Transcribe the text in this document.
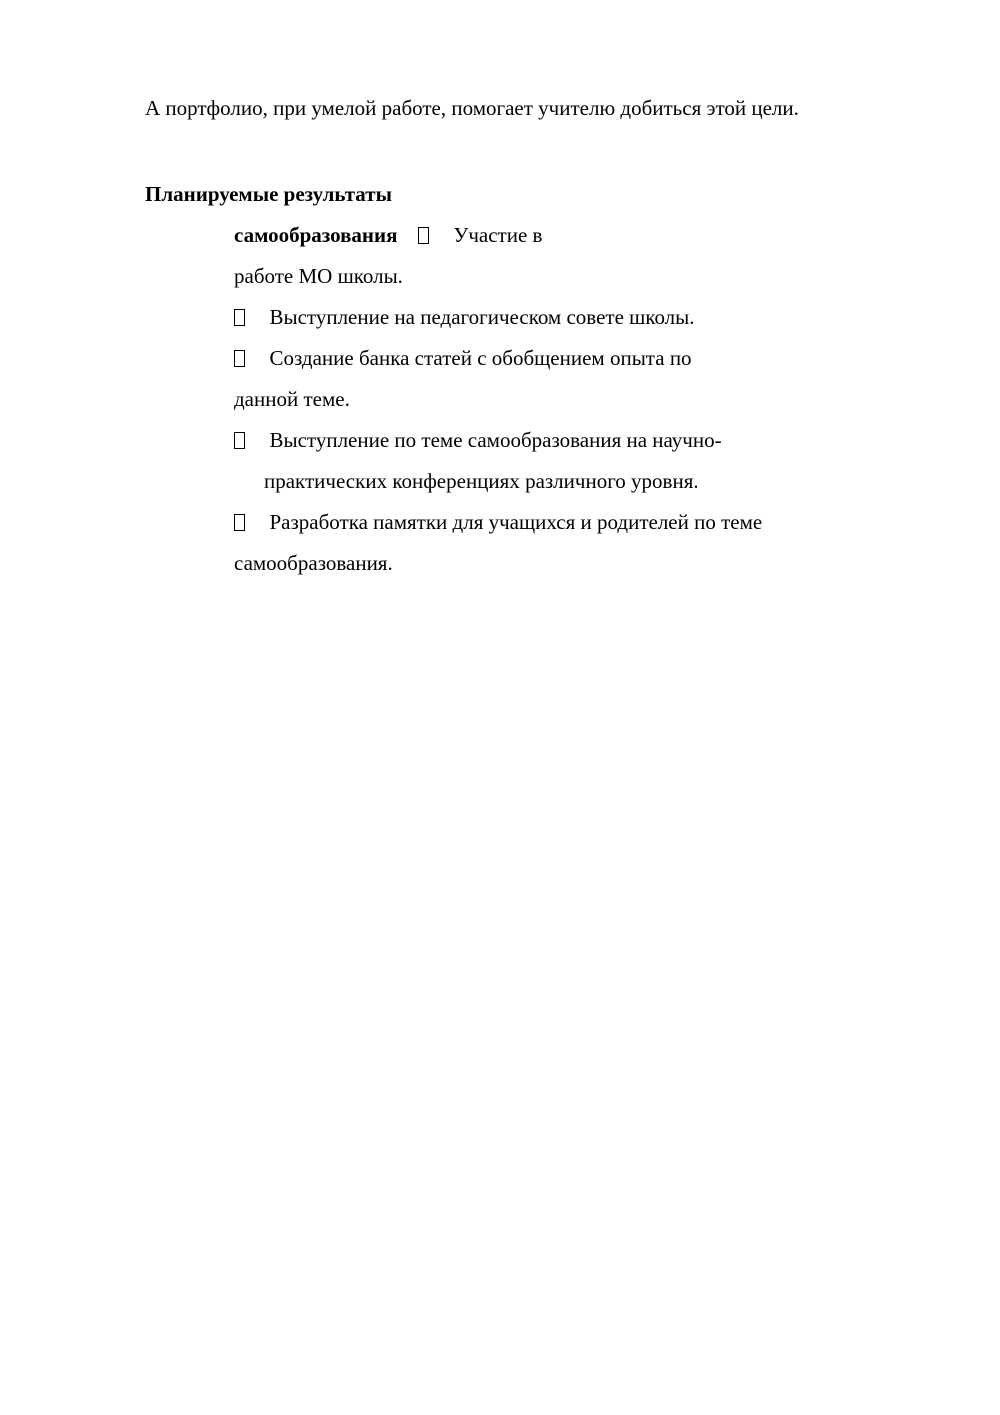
А портфолио, при умелой работе, помогает учителю добиться этой цели.
Планируемые результаты
самообразования	Участие в
работе МО школы.
Выступление на педагогическом совете школы.
Создание банка статей с обобщением опыта по
данной теме.
Выступление по теме самообразования на научно-
практических конференциях различного уровня.
Разработка памятки для учащихся и родителей по теме
самообразования.
